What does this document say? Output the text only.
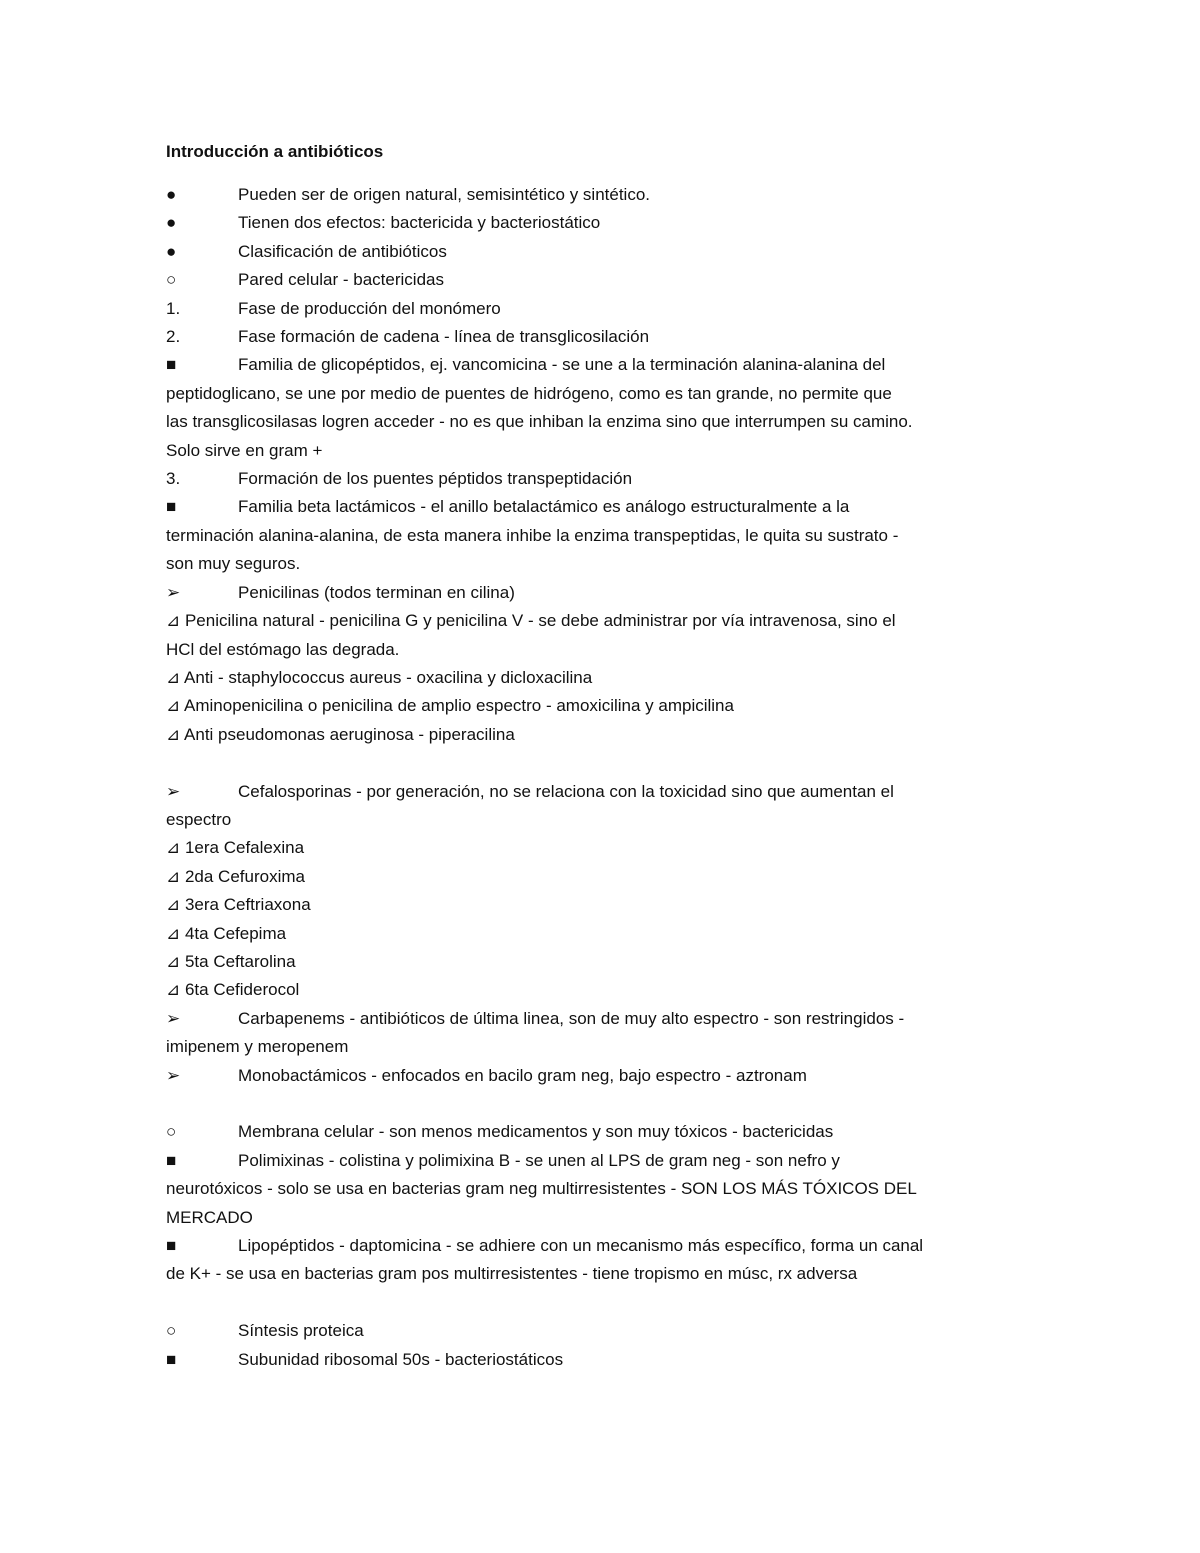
Introducción a antibióticos
●	Pueden ser de origen natural, semisintético y sintético.
●	Tienen dos efectos: bactericida y bacteriostático
●	Clasificación de antibióticos
○	Pared celular - bactericidas
1.	Fase de producción del monómero
2.	Fase formación de cadena - línea de transglicosilación
■	Familia de glicopéptidos, ej. vancomicina - se une a la terminación alanina-alanina del
peptidoglicano, se une por medio de puentes de hidrógeno, como es tan grande, no permite que
las transglicosilasas logren acceder - no es que inhiban la enzima sino que interrumpen su camino.
Solo sirve en gram +
3.	Formación de los puentes péptidos transpeptidación
■	Familia beta lactámicos - el anillo betalactámico es análogo estructuralmente a la
terminación alanina-alanina, de esta manera inhibe la enzima transpeptidas, le quita su sustrato -
son muy seguros.
➢	Penicilinas (todos terminan en cilina)
⊿ Penicilina natural - penicilina G y penicilina V - se debe administrar por vía intravenosa, sino el
HCl del estómago las degrada.
⊿ Anti - staphylococcus aureus - oxacilina y dicloxacilina
⊿ Aminopenicilina o penicilina de amplio espectro - amoxicilina y ampicilina
⊿ Anti pseudomonas aeruginosa - piperacilina
➢	Cefalosporinas - por generación, no se relaciona con la toxicidad sino que aumentan el
espectro
⊿ 1era Cefalexina
⊿ 2da Cefuroxima
⊿ 3era Ceftriaxona
⊿ 4ta Cefepima
⊿ 5ta Ceftarolina
⊿ 6ta Cefiderocol
➢	Carbapenems - antibióticos de última linea, son de muy alto espectro - son restringidos -
imipenem y meropenem
➢	Monobactámicos - enfocados en bacilo gram neg, bajo espectro - aztronam
○	Membrana celular - son menos medicamentos y son muy tóxicos - bactericidas
■	Polimixinas - colistina y polimixina B - se unen al LPS de gram neg - son nefro y
neurotóxicos - solo se usa en bacterias gram neg multirresistentes - SON LOS MÁS TÓXICOS DEL
MERCADO
■	Lipopéptidos - daptomicina - se adhiere con un mecanismo más específico, forma un canal
de K+ - se usa en bacterias gram pos multirresistentes - tiene tropismo en músc, rx adversa
○	Síntesis proteica
■	Subunidad ribosomal 50s - bacteriostáticos
